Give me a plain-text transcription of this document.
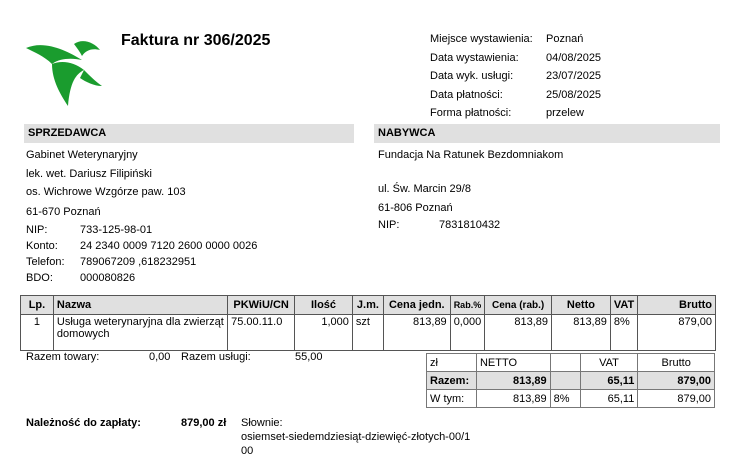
Faktura nr 306/2025	Miejsce wystawienia:	Poznań
Data wystawienia:	04/08/2025
Data wyk. usługi:	23/07/2025
Data płatności:	25/08/2025
Forma płatności:	przelew
SPRZEDAWCA
Gabinet Weterynaryjny
lek. wet. Dariusz Filipiński
os. Wichrowe Wzgórze paw. 103
61-670 Poznań
NIP:	733-125-98-01
Konto:	24 2340 0009 7120 2600 0000 0026
Telefon:	789067209 ,618232951
BDO:	000080826
NABYWCA
Fundacja Na Ratunek Bezdomniakom
ul. Św. Marcin 29/8
61-806 Poznań
NIP:	7831810432
Lp.	Nazwa	PKWiU/CN	Ilość	J.m.	Cena jedn.	Rab.%	Cena (rab.)	Netto	VAT	Brutto
1	Usługa weterynaryjna dla zwierząt domowych	75.00.11.0	1,000	szt	813,89	0,000	813,89	813,89	8%	879,00
Razem towary:	0,00 Razem usługi:	55,00	zł	NETTO		VAT	Brutto
Razem:	813,89		65,11	879,00
W tym:	813,89	8%	65,11	879,00
Należność do zapłaty:	879,00 zł Słownie:
osiemset-siedemdziesiąt-dziewięć-złotych-00/1
00
